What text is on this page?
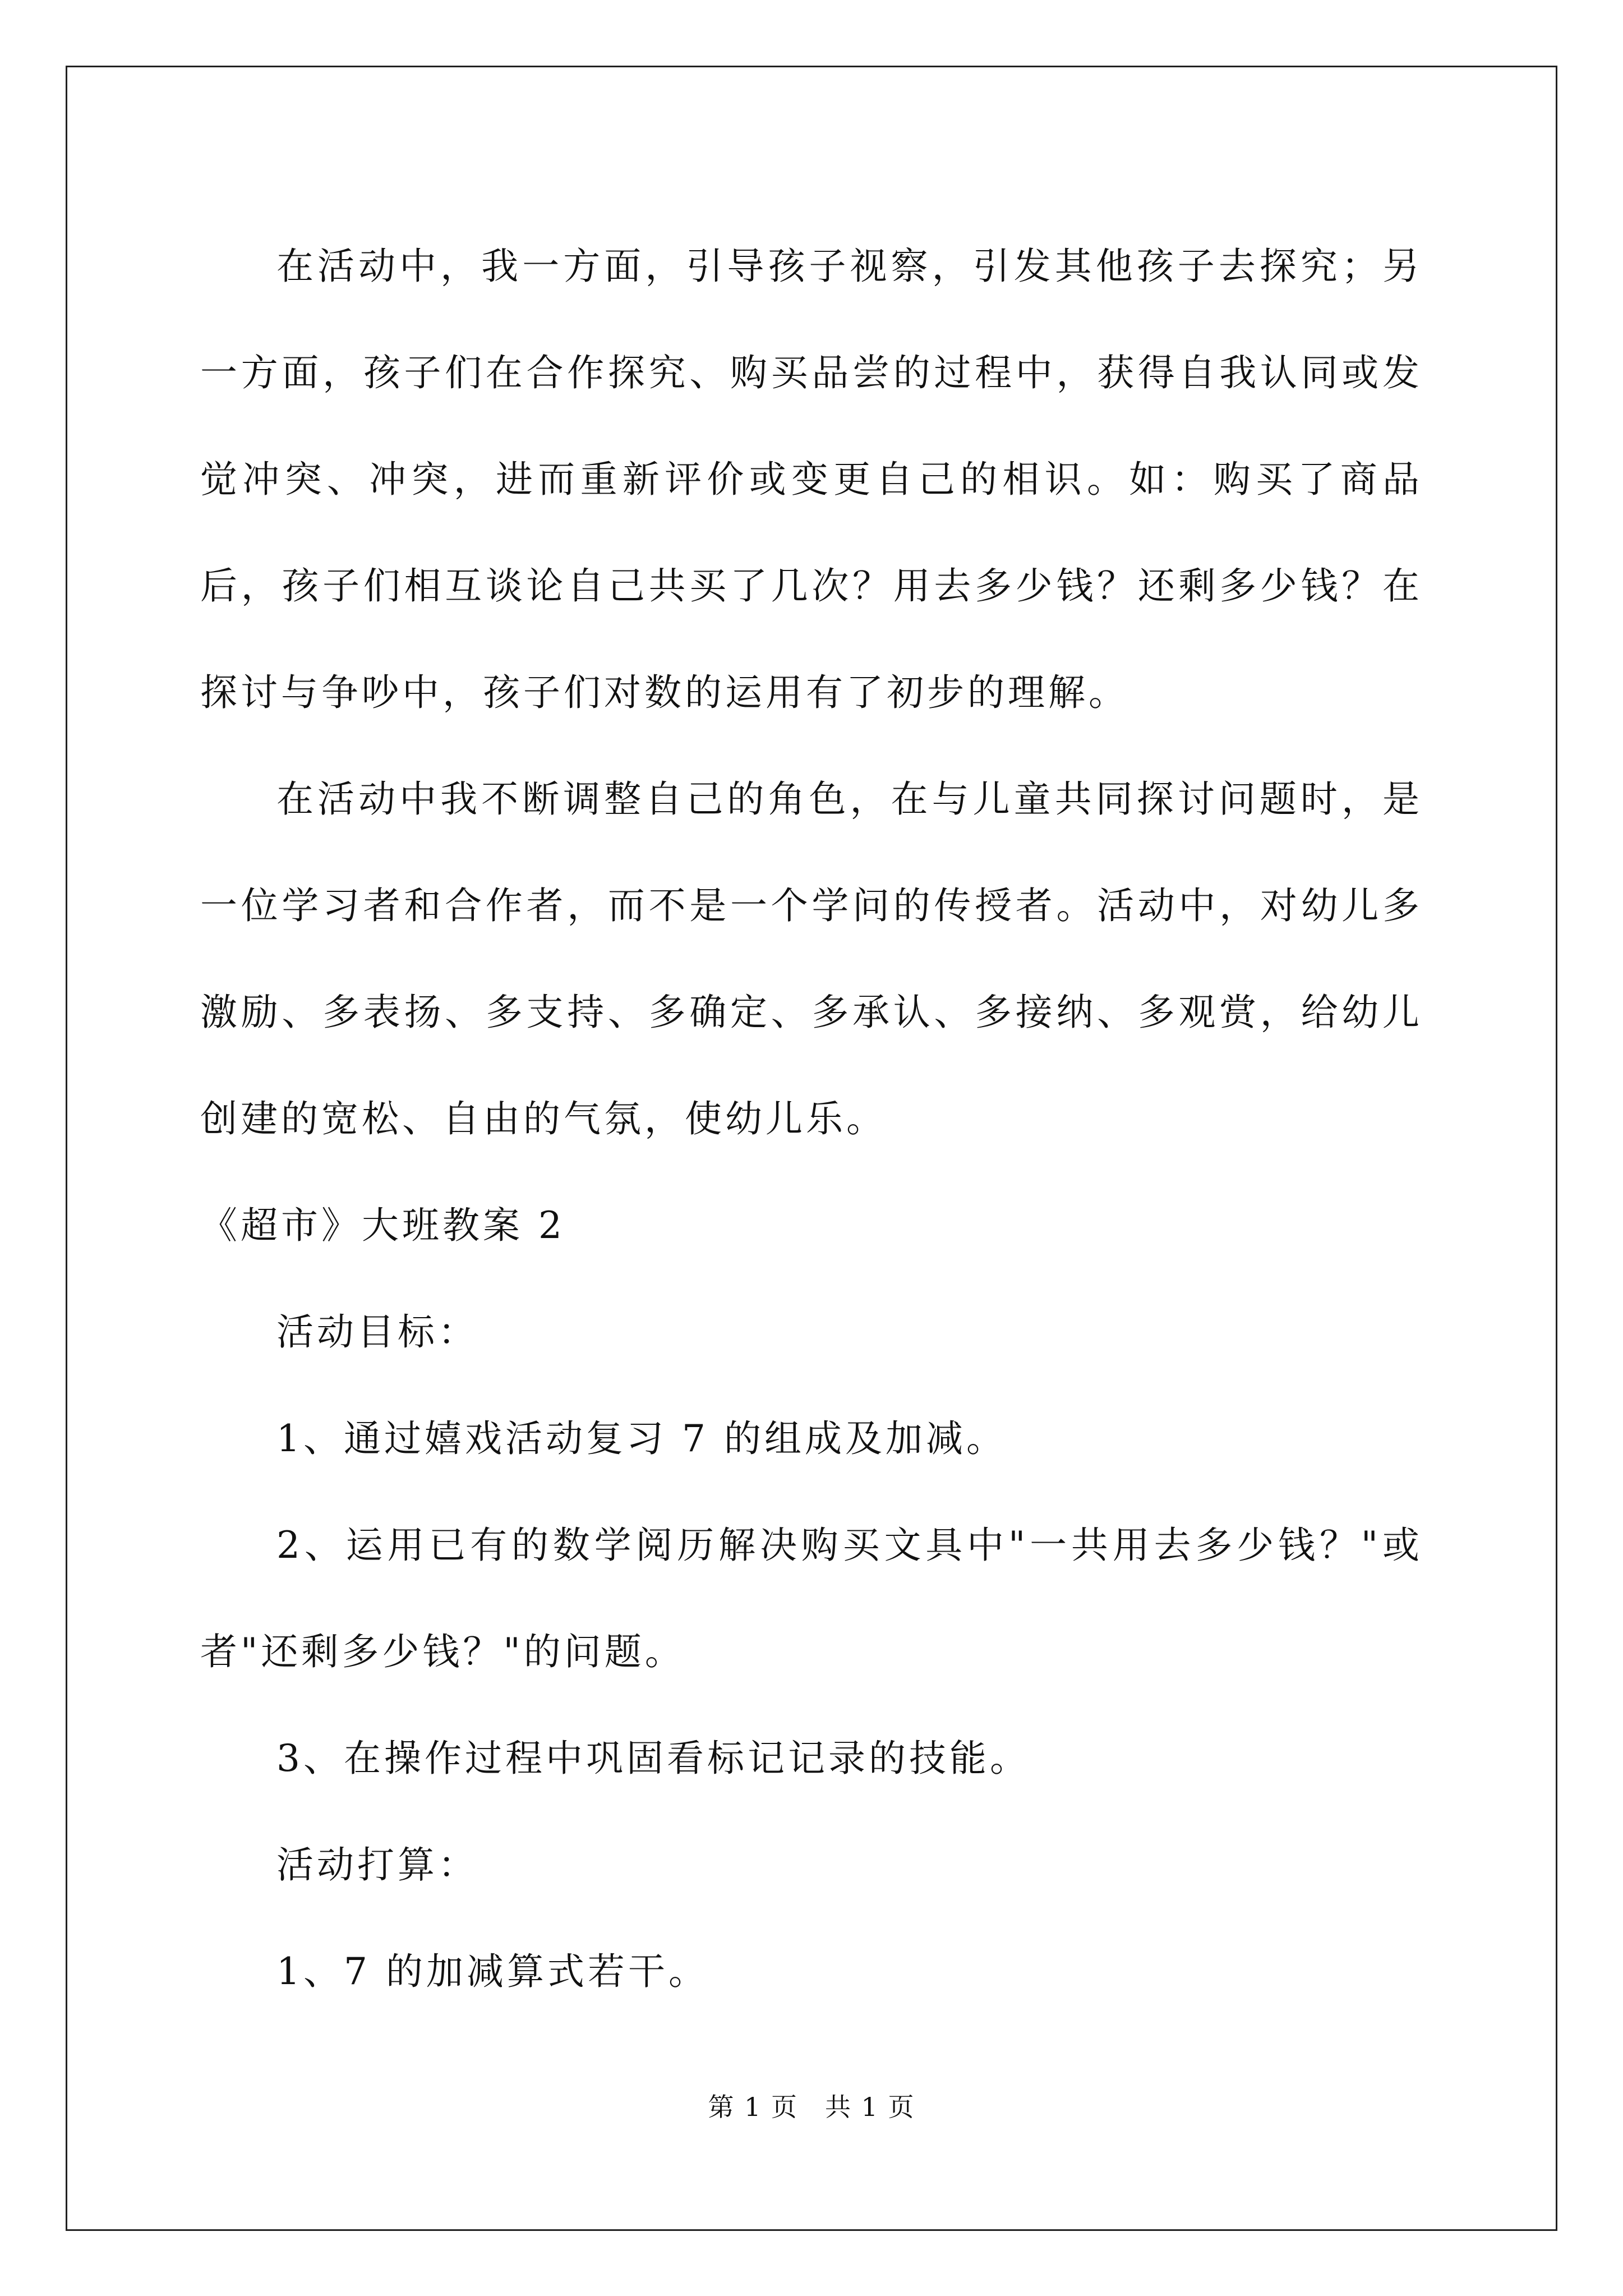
在活动中，我一方面，引导孩子视察，引发其他孩子去探究；另一方面，孩子们在合作探究、购买品尝的过程中，获得自我认同或发觉冲突、冲突，进而重新评价或变更自己的相识。如：购买了商品后，孩子们相互谈论自己共买了几次？用去多少钱？还剩多少钱？在探讨与争吵中，孩子们对数的运用有了初步的理解。

在活动中我不断调整自己的角色，在与儿童共同探讨问题时，是一位学习者和合作者，而不是一个学问的传授者。活动中，对幼儿多激励、多表扬、多支持、多确定、多承认、多接纳、多观赏，给幼儿创建的宽松、自由的气氛，使幼儿乐。

《超市》大班教案 2

活动目标：

1、通过嬉戏活动复习 7 的组成及加减。

2、运用已有的数学阅历解决购买文具中"一共用去多少钱？"或者"还剩多少钱？"的问题。

3、在操作过程中巩固看标记记录的技能。

活动打算：

1、7 的加减算式若干。

第 1 页　共 1 页
